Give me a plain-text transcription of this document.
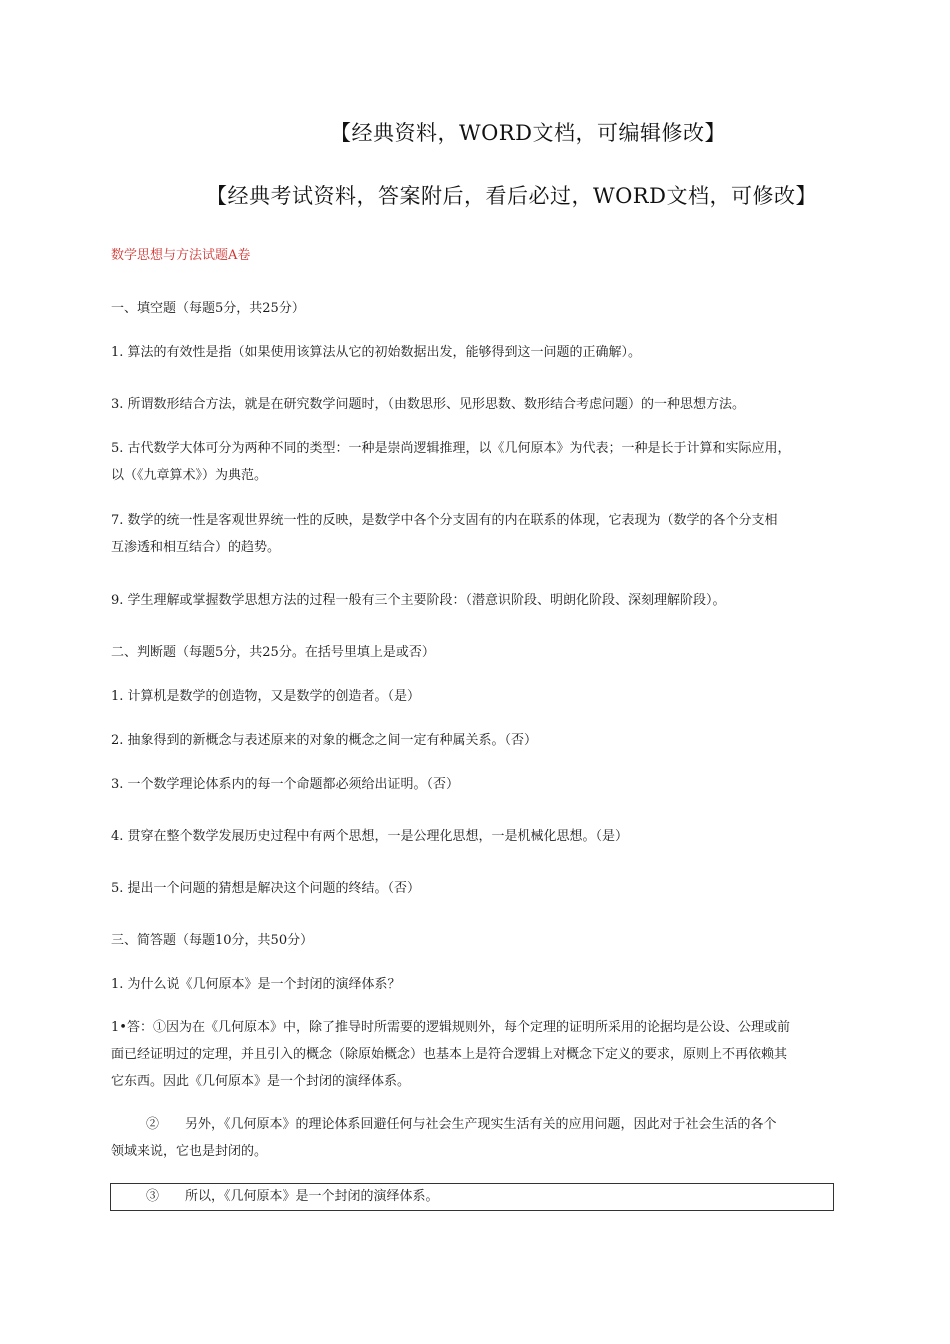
【经典资料，WORD文档，可编辑修改】
【经典考试资料，答案附后，看后必过，WORD文档，可修改】
数学思想与方法试题A卷
一、填空题（每题5分，共25分）
1. 算法的有效性是指（如果使用该算法从它的初始数据出发，能够得到这一问题的正确解）。
3. 所谓数形结合方法，就是在研究数学问题时，（由数思形、见形思数、数形结合考虑问题）的一种思想方法。
5. 古代数学大体可分为两种不同的类型：一种是崇尚逻辑推理，以《几何原本》为代表；一种是长于计算和实际应用，
以（《九章算术》）为典范。
7. 数学的统一性是客观世界统一性的反映，是数学中各个分支固有的内在联系的体现，它表现为（数学的各个分支相
互渗透和相互结合）的趋势。
9. 学生理解或掌握数学思想方法的过程一般有三个主要阶段：（潜意识阶段、明朗化阶段、深刻理解阶段）。
二、判断题（每题5分，共25分。在括号里填上是或否）
1. 计算机是数学的创造物，又是数学的创造者。（是）
2. 抽象得到的新概念与表述原来的对象的概念之间一定有种属关系。（否）
3. 一个数学理论体系内的每一个命题都必须给出证明。（否）
4. 贯穿在整个数学发展历史过程中有两个思想，一是公理化思想，一是机械化思想。（是）
5. 提出一个问题的猜想是解决这个问题的终结。（否）
三、简答题（每题10分，共50分）
1. 为什么说《几何原本》是一个封闭的演绎体系？
1•答：①因为在《几何原本》中，除了推导时所需要的逻辑规则外，每个定理的证明所采用的论据均是公设、公理或前
面已经证明过的定理，并且引入的概念（除原始概念）也基本上是符合逻辑上对概念下定义的要求，原则上不再依赖其
它东西。因此《几何原本》是一个封闭的演绎体系。
②　　另外，《几何原本》的理论体系回避任何与社会生产现实生活有关的应用问题，因此对于社会生活的各个
领域来说，它也是封闭的。
③　　所以，《几何原本》是一个封闭的演绎体系。
